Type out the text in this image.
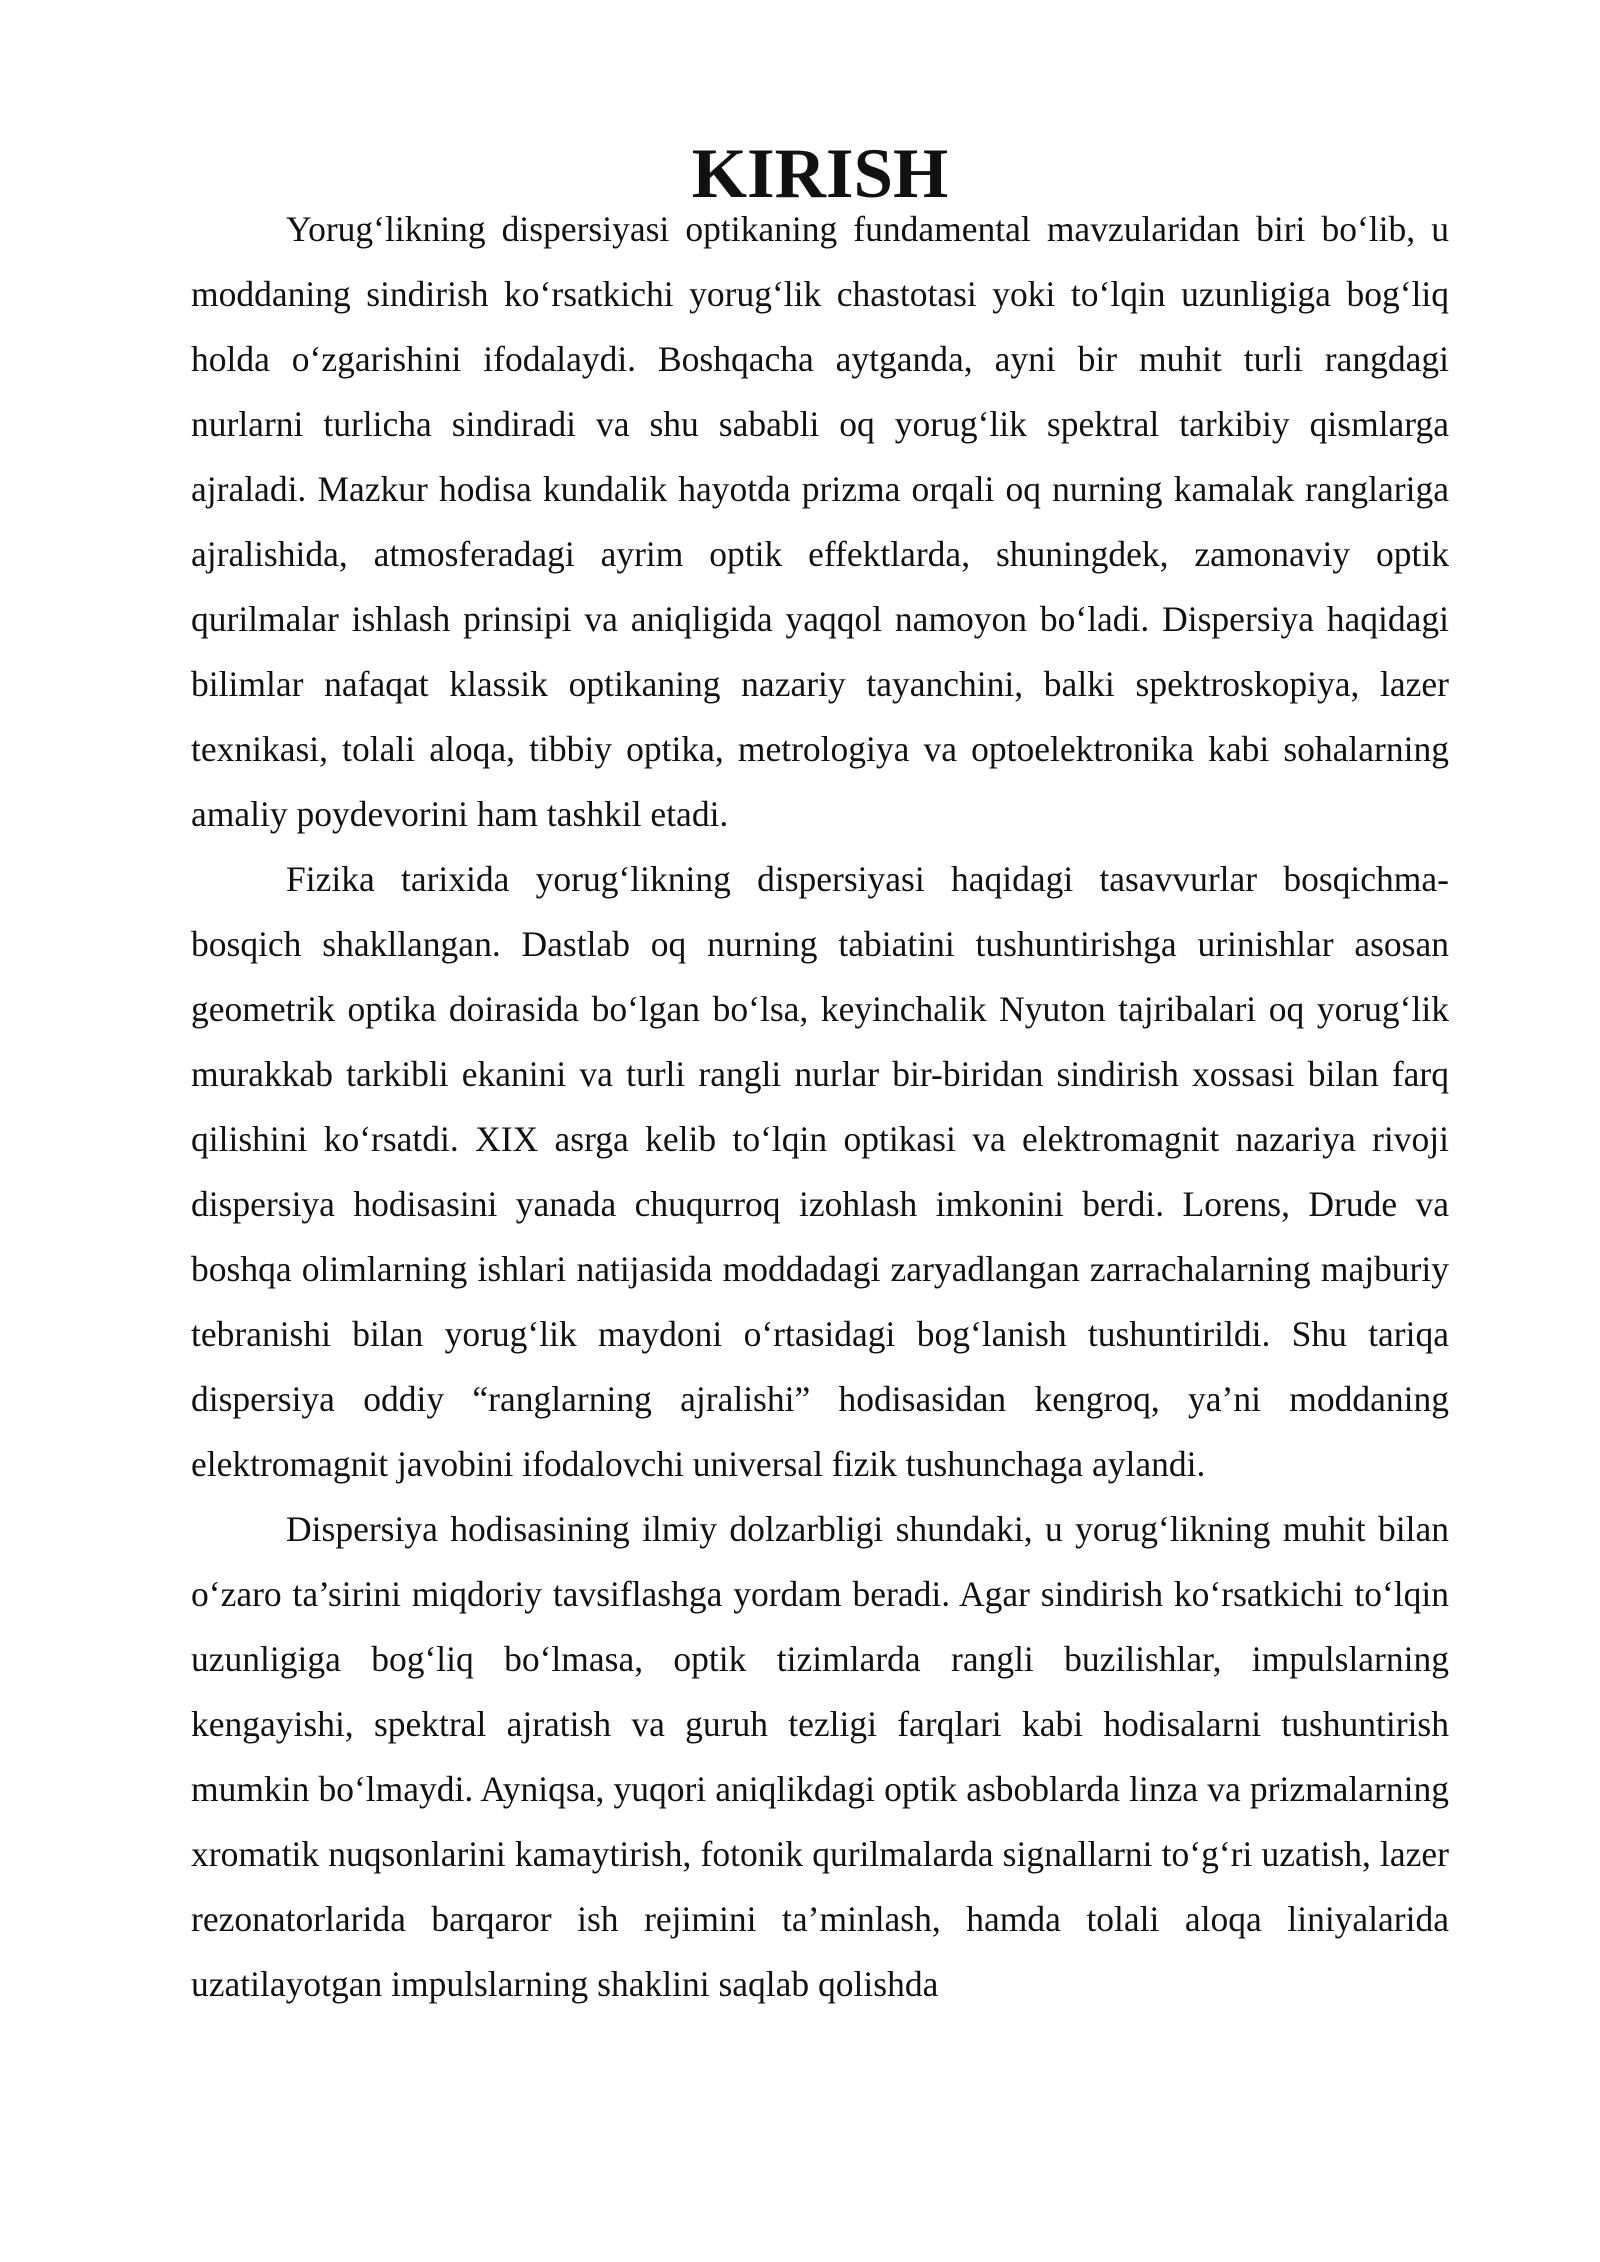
KIRISH

Yorug‘likning dispersiyasi optikaning fundamental mavzularidan biri bo‘lib, u moddaning sindirish ko‘rsatkichi yorug‘lik chastotasi yoki to‘lqin uzunligiga bog‘liq holda o‘zgarishini ifodalaydi. Boshqacha aytganda, ayni bir muhit turli rangdagi nurlarni turlicha sindiradi va shu sababli oq yorug‘lik spektral tarkibiy qismlarga ajraladi. Mazkur hodisa kundalik hayotda prizma orqali oq nurning kamalak ranglariga ajralishida, atmosferadagi ayrim optik effektlarda, shuningdek, zamonaviy optik qurilmalar ishlash prinsipi va aniqligida yaqqol namoyon bo‘ladi. Dispersiya haqidagi bilimlar nafaqat klassik optikaning nazariy tayanchini, balki spektroskopiya, lazer texnikasi, tolali aloqa, tibbiy optika, metrologiya va optoelektronika kabi sohalarning amaliy poydevorini ham tashkil etadi.

Fizika tarixida yorug‘likning dispersiyasi haqidagi tasavvurlar bosqichma-bosqich shakllangan. Dastlab oq nurning tabiatini tushuntirishga urinishlar asosan geometrik optika doirasida bo‘lgan bo‘lsa, keyinchalik Nyuton tajribalari oq yorug‘lik murakkab tarkibli ekanini va turli rangli nurlar bir-biridan sindirish xossasi bilan farq qilishini ko‘rsatdi. XIX asrga kelib to‘lqin optikasi va elektromagnit nazariya rivoji dispersiya hodisasini yanada chuqurroq izohlash imkonini berdi. Lorens, Drude va boshqa olimlarning ishlari natijasida moddadagi zaryadlangan zarrachalarning majburiy tebranishi bilan yorug‘lik maydoni o‘rtasidagi bog‘lanish tushuntirildi. Shu tariqa dispersiya oddiy “ranglarning ajralishi” hodisasidan kengroq, ya’ni moddaning elektromagnit javobini ifodalovchi universal fizik tushunchaga aylandi.

Dispersiya hodisasining ilmiy dolzarbligi shundaki, u yorug‘likning muhit bilan o‘zaro ta’sirini miqdoriy tavsiflashga yordam beradi. Agar sindirish ko‘rsatkichi to‘lqin uzunligiga bog‘liq bo‘lmasa, optik tizimlarda rangli buzilishlar, impulslarning kengayishi, spektral ajratish va guruh tezligi farqlari kabi hodisalarni tushuntirish mumkin bo‘lmaydi. Ayniqsa, yuqori aniqlikdagi optik asboblarda linza va prizmalarning xromatik nuqsonlarini kamaytirish, fotonik qurilmalarda signallarni to‘g‘ri uzatish, lazer rezonatorlarida barqaror ish rejimini ta’minlash, hamda tolali aloqa liniyalarida uzatilayotgan impulslarning shaklini saqlab qolishda
